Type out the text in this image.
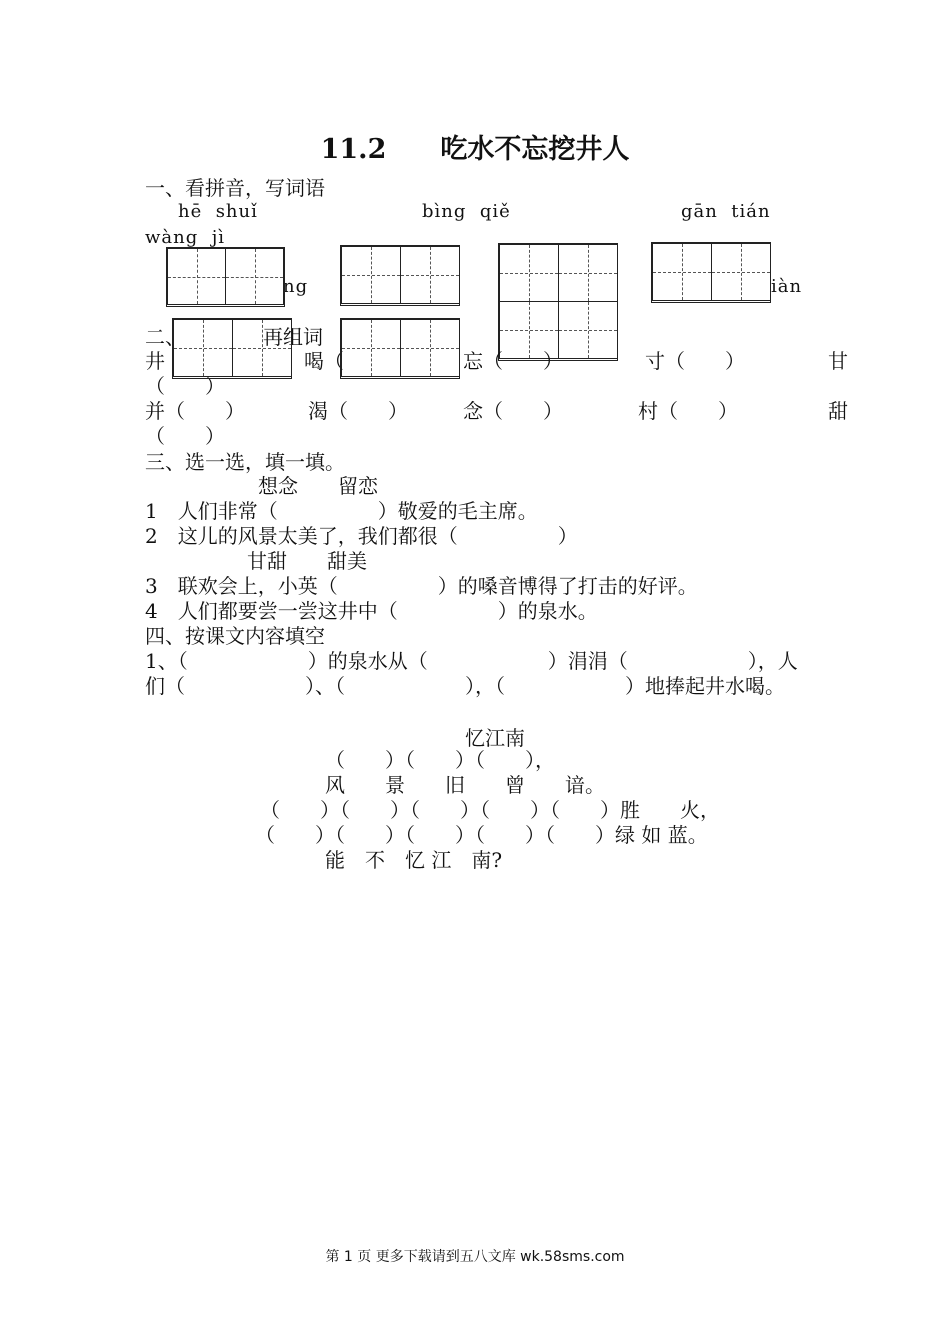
11.2　　吃水不忘挖井人
一、看拼音，写词语
hē  shuǐ	bìng  qiě	gān  tián
wàng  jì
ng	iàn
二、	再组词
井	喝（	忘（　　）	寸（　　）	甘
（　　）
并（　　）	渴（　　）	念（　　）	村（　　）	甜
（　　）
三、选一选，填一填。
想念　　留恋
1　人们非常（　　　　　）敬爱的毛主席。
2　这儿的风景太美了，我们都很（　　　　　）
甘甜　　甜美
3　联欢会上，小英（　　　　　）的嗓音博得了打击的好评。
4　人们都要尝一尝这井中（　　　　　）的泉水。
四、按课文内容填空
1、（　　　　　　）的泉水从（　　　　　　）涓涓（　　　　　　），人
们（　　　　　　）、（　　　　　　），（　　　　　　）地捧起井水喝。
忆江南
（　　）（　　）（　　），
风　　景　　旧　　曾　　谙。
（　　）（　　）（　　）（　　）（　　）胜　　火，
（　　）（　　）（　　）（　　）（　　）绿 如 蓝。
能　不　忆 江　南?
第 1 页 更多下载请到五八文库 wk.58sms.com
